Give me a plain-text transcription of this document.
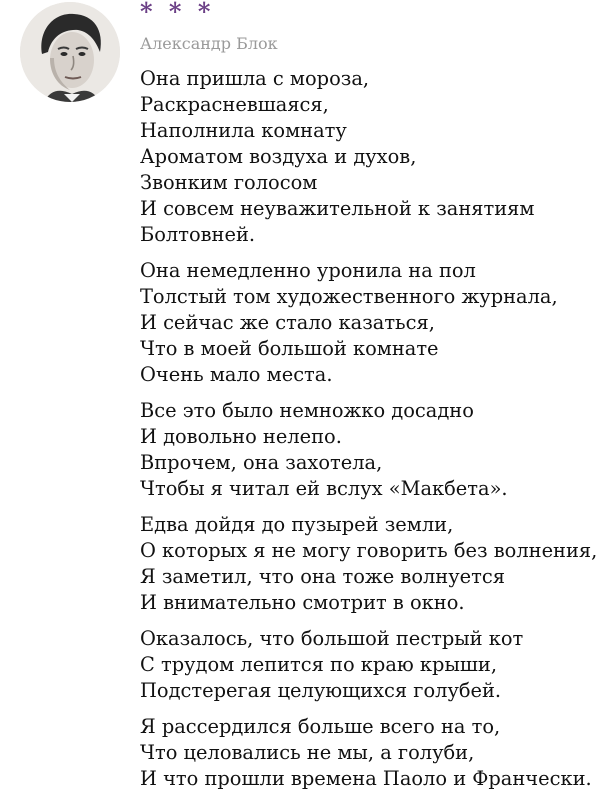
* * *
Александр Блок
Она пришла с мороза,
Раскрасневшаяся,
Наполнила комнату
Ароматом воздуха и духов,
Звонким голосом
И совсем неуважительной к занятиям
Болтовней.
Она немедленно уронила на пол
Толстый том художественного журнала,
И сейчас же стало казаться,
Что в моей большой комнате
Очень мало места.
Все это было немножко досадно
И довольно нелепо.
Впрочем, она захотела,
Чтобы я читал ей вслух «Макбета».
Едва дойдя до пузырей земли,
О которых я не могу говорить без волнения,
Я заметил, что она тоже волнуется
И внимательно смотрит в окно.
Оказалось, что большой пестрый кот
С трудом лепится по краю крыши,
Подстерегая целующихся голубей.
Я рассердился больше всего на то,
Что целовались не мы, а голуби,
И что прошли времена Паоло и Франчески.
